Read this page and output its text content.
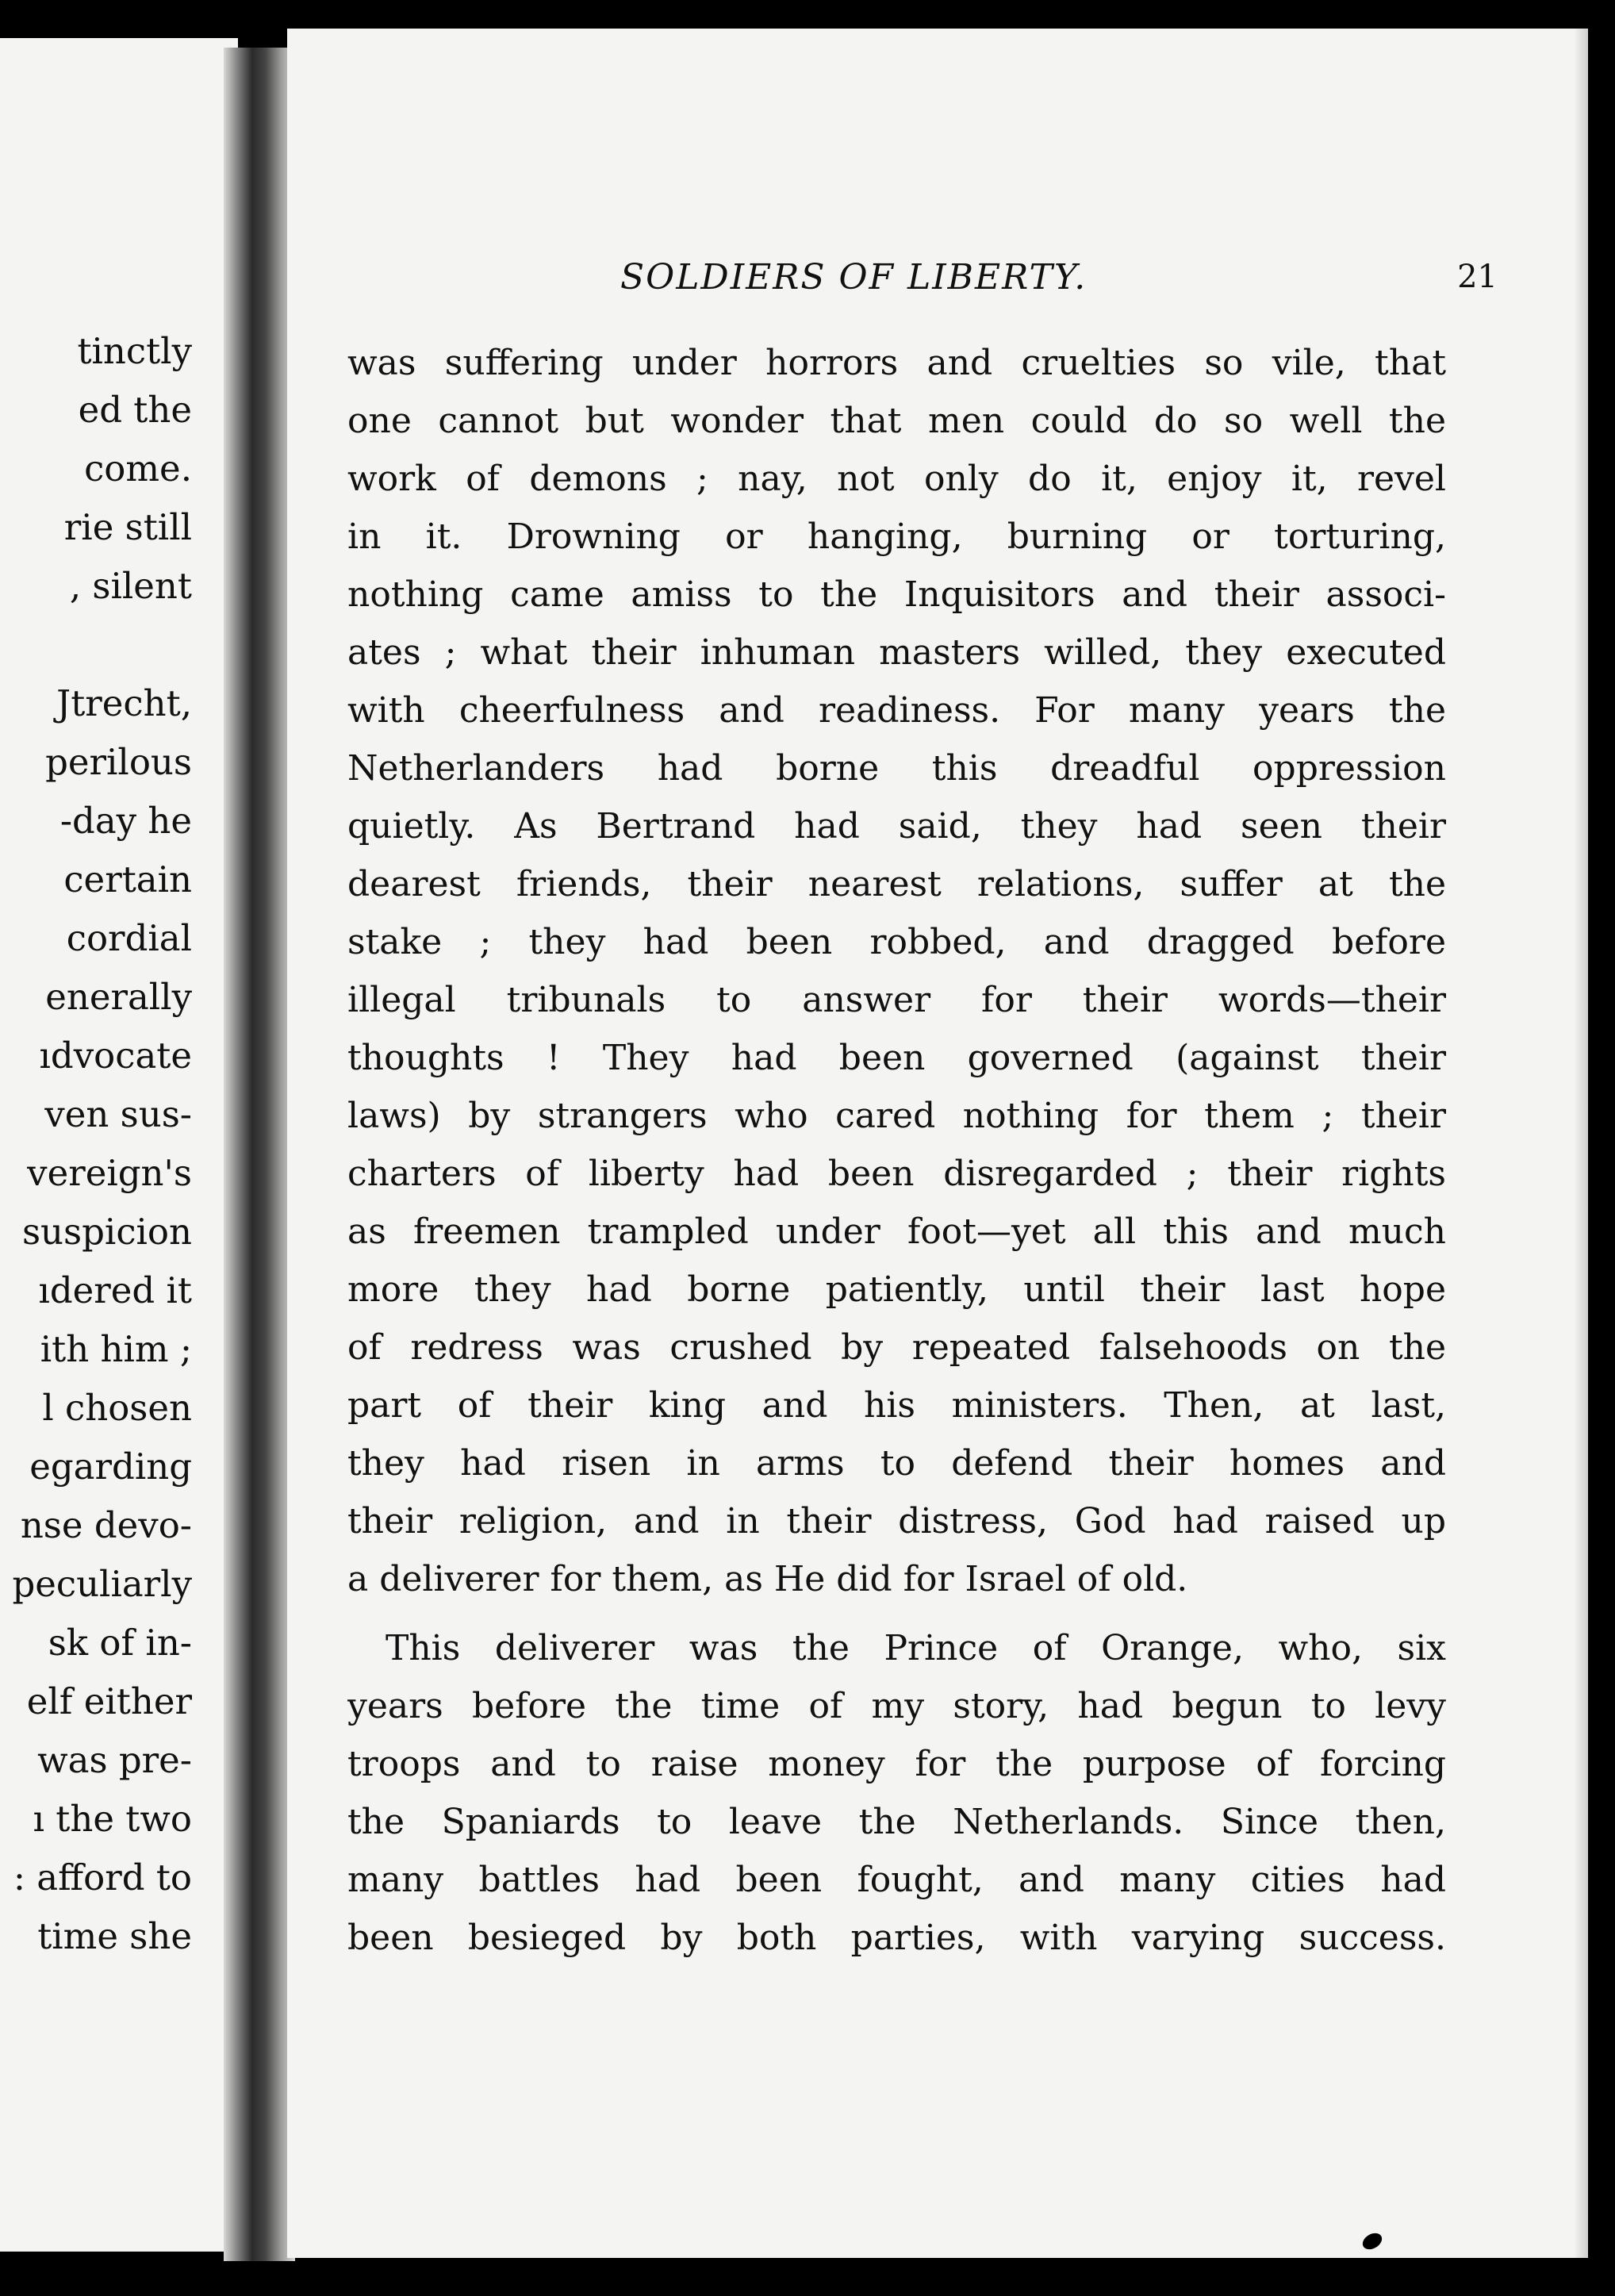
tinctly
ed the
come.
rie still
, silent
Jtrecht,
perilous
-day he
certain
cordial
enerally
ıdvocate
ven sus-
vereign's
suspicion
ıdered it
ith him ;
l chosen
egarding
nse devo-
peculiarly
sk of in-
elf either
was pre-
ı the two
: afford to
time she
SOLDIERS OF LIBERTY.	21
was suffering under horrors and cruelties so vile, that
one cannot but wonder that men could do so well the
work of demons ; nay, not only do it, enjoy it, revel
in it. Drowning or hanging, burning or torturing,
nothing came amiss to the Inquisitors and their associ-
ates ; what their inhuman masters willed, they executed
with cheerfulness and readiness. For many years the
Netherlanders had borne this dreadful oppression
quietly. As Bertrand had said, they had seen their
dearest friends, their nearest relations, suffer at the
stake ; they had been robbed, and dragged before
illegal tribunals to answer for their words—their
thoughts ! They had been governed (against their
laws) by strangers who cared nothing for them ; their
charters of liberty had been disregarded ; their rights
as freemen trampled under foot—yet all this and much
more they had borne patiently, until their last hope
of redress was crushed by repeated falsehoods on the
part of their king and his ministers. Then, at last,
they had risen in arms to defend their homes and
their religion, and in their distress, God had raised up
a deliverer for them, as He did for Israel of old.
This deliverer was the Prince of Orange, who, six
years before the time of my story, had begun to levy
troops and to raise money for the purpose of forcing
the Spaniards to leave the Netherlands. Since then,
many battles had been fought, and many cities had
been besieged by both parties, with varying success.
